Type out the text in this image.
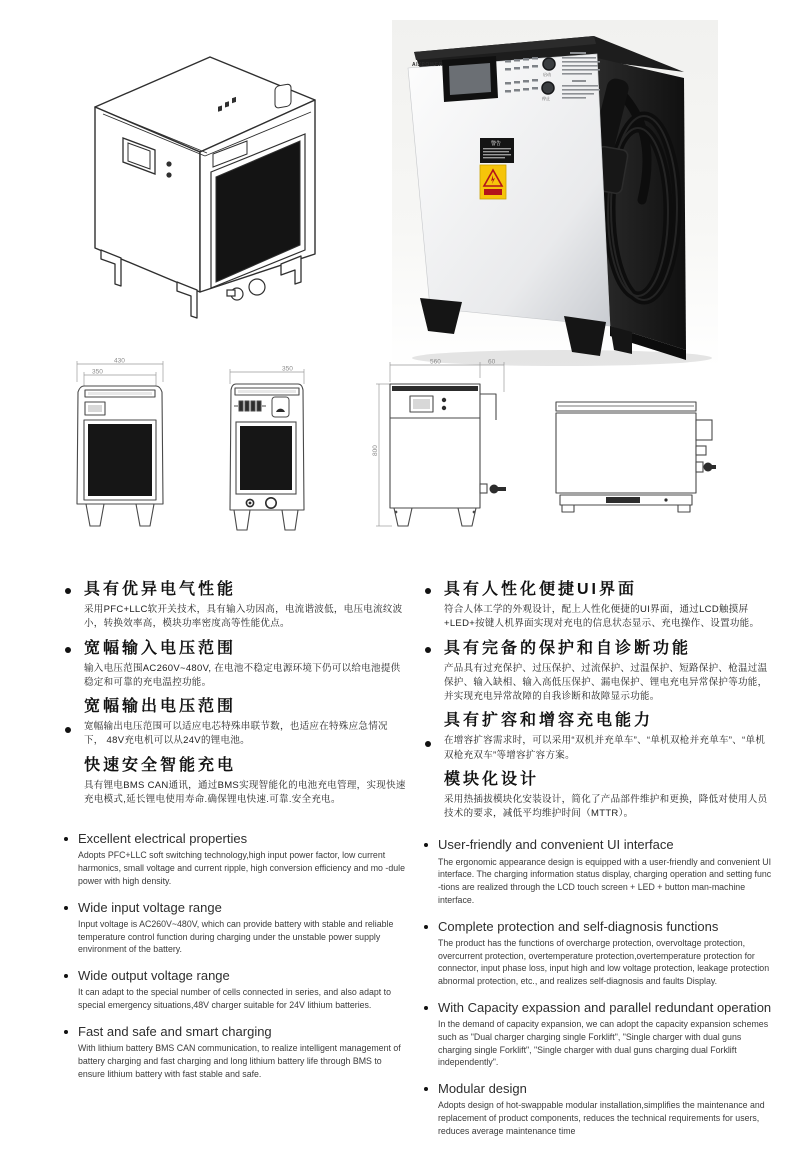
启动
停止
警告
AIZPOWER
430
350	350
560	60
800
具有优异电气性能
采用PFC+LLC软开关技术，具有输入功因高，电流谐波低，电压电流纹波小，转换效率高，模块功率密度高等性能优点。
宽幅输入电压范围
输入电压范围AC260V~480V, 在电池不稳定电源环境下仍可以给电池提供稳定和可靠的充电温控功能。
宽幅输出电压范围
宽幅输出电压范围可以适应电芯特殊串联节数，也适应在特殊应急情况下， 48V充电机可以从24V的锂电池。
快速安全智能充电
具有锂电BMS CAN通讯，通过BMS实现智能化的电池充电管理，实现快速充电模式,延长锂电使用寿命.确保锂电快速.可靠.安全充电。
Excellent electrical properties
Adopts PFC+LLC soft switching technology,high input power factor, low current harmonics, small voltage and current ripple, high conversion efficiency and mo -dule power with high density.
Wide input voltage range
Input voltage is AC260V~480V, which can provide battery with stable and reliable temperature control function during charging under the unstable power supply environment of the battery.
Wide output voltage range
It can adapt to the special number of cells connected in series, and also adapt to special emergency situations,48V charger suitable for 24V lithium batteries.
Fast and safe and smart charging
With lithium battery BMS CAN communication, to realize intelligent management of battery charging and fast charging and long lithium battery life through BMS to ensure lithium battery with fast stable and safe.
具有人性化便捷UI界面
符合人体工学的外观设计，配上人性化便捷的UI界面，通过LCD触摸屏+LED+按键人机界面实现对充电的信息状态显示、充电操作、设置功能。
具有完备的保护和自诊断功能
产品具有过充保护、过压保护、过流保护、过温保护、短路保护、枪温过温保护、输入缺相、输入高低压保护、漏电保护、锂电充电异常保护等功能，并实现充电异常故障的自我诊断和故障显示功能。
具有扩容和增容充电能力
在增容扩容需求时，可以采用“双机并充单车”、“单机双枪并充单车”、“单机双枪充双车”等增容扩容方案。
模块化设计
采用热插拔模块化安装设计，简化了产品部件维护和更换，降低对使用人员技术的要求，减低平均维护时间（MTTR）。
User-friendly and convenient UI interface
The ergonomic appearance design is equipped with a user-friendly and convenient UI interface. The charging information status display, charging operation and setting func -tions are realized through the LCD touch screen + LED + button man-machine interface.
Complete protection and self-diagnosis functions
The product has the functions of overcharge protection, overvoltage protection, overcurrent protection, overtemperature protection,overtemperature protection for connector, input phase loss, input high and low voltage protection, leakage protection abnormal protection, etc., and realizes self-diagnosis and faults Display.
With Capacity expassion and parallel redundant operation
In the demand of capacity expansion, we can adopt the capacity expansion schemes such as "Dual charger charging single Forklift", "Single charger with dual guns charging single Forklift", "Single charger with dual guns charging dual Forklift independently".
Modular design
Adopts design of hot-swappable modular installation,simplifies the maintenance and replacement of product components, reduces the technical requirements for users, reduces average maintenance time
